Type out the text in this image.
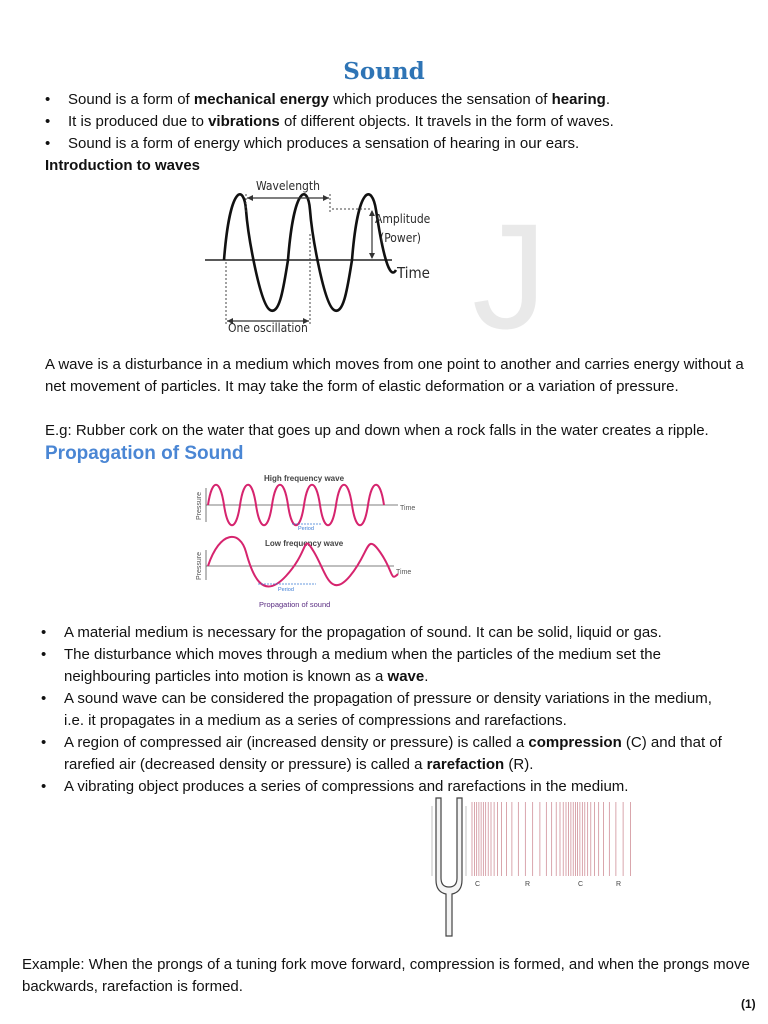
J
Sound
• Sound is a form of mechanical energy which produces the sensation of hearing.
• It is produced due to vibrations of different objects. It travels in the form of waves.
• Sound is a form of energy which produces a sensation of hearing in our ears.
Introduction to waves
Wavelength
Amplitude
(Power)
Time
One oscillation
A wave is a disturbance in a medium which moves from one point to another and carries energy without a net movement of particles. It may take the form of elastic deformation or a variation of pressure.
E.g: Rubber cork on the water that goes up and down when a rock falls in the water creates a ripple.
Propagation of Sound
High frequency wave
Pressure	Time
Period
Low frequency wave
Pressure	Time
Period
Propagation of sound
• A material medium is necessary for the propagation of sound. It can be solid, liquid or gas.
• The disturbance which moves through a medium when the particles of the medium set the neighbouring particles into motion is known as a wave.
• A sound wave can be considered the propagation of pressure or density variations in the medium, i.e. it propagates in a medium as a series of compressions and rarefactions.
• A region of compressed air (increased density or pressure) is called a compression (C) and that of rarefied air (decreased density or pressure) is called a rarefaction (R).
• A vibrating object produces a series of compressions and rarefactions in the medium.
C	R	C	R
Example: When the prongs of a tuning fork move forward, compression is formed, and when the prongs move backwards, rarefaction is formed.
(1)
